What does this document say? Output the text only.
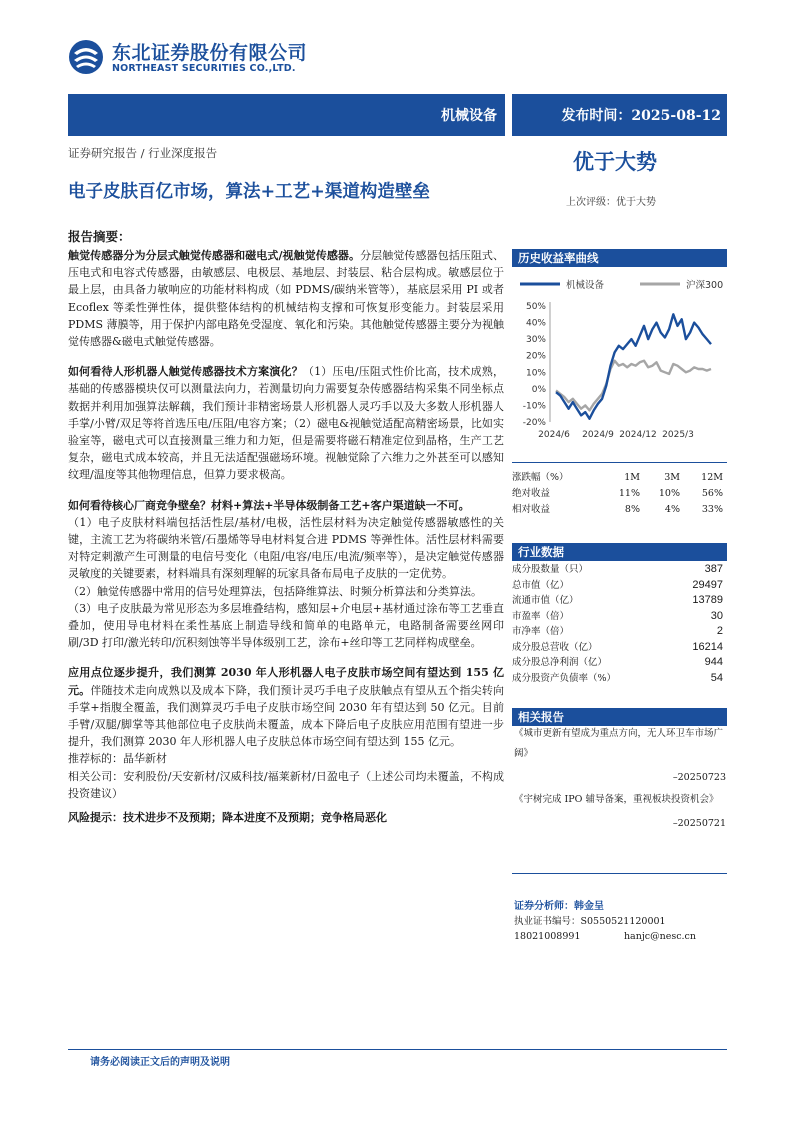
东北证券股份有限公司
NORTHEAST SECURITIES CO.,LTD.
机械设备	发布时间：2025-08-12
证券研究报告 / 行业深度报告
电子皮肤百亿市场，算法+工艺+渠道构造壁垒
优于大势
上次评级：优于大势
报告摘要：

触觉传感器分为分层式触觉传感器和磁电式/视触觉传感器。分层触觉传感器包括压阻式、压电式和电容式传感器，由敏感层、电极层、基地层、封装层、粘合层构成。敏感层位于最上层，由具备力敏响应的功能材料构成（如 PDMS/碳纳米管等），基底层采用 PI 或者 Ecoflex 等柔性弹性体，提供整体结构的机械结构支撑和可恢复形变能力。封装层采用 PDMS 薄膜等，用于保护内部电路免受湿度、氧化和污染。其他触觉传感器主要分为视触觉传感器&磁电式触觉传感器。

如何看待人形机器人触觉传感器技术方案演化？（1）压电/压阻式性价比高，技术成熟，基础的传感器模块仅可以测量法向力，若测量切向力需要复杂传感器结构采集不同坐标点数据并利用加强算法解藕，我们预计非精密场景人形机器人灵巧手以及大多数人形机器人手掌/小臂/双足等将首选压电/压阻/电容方案；（2）磁电&视触觉适配高精密场景，比如实验室等，磁电式可以直接测量三维力和力矩，但是需要将磁石精准定位到晶格，生产工艺复杂，磁电式成本较高，并且无法适配强磁场环境。视触觉除了六维力之外甚至可以感知纹理/温度等其他物理信息，但算力要求极高。

如何看待核心厂商竞争壁垒？材料+算法+半导体级制备工艺+客户渠道缺一不可。

（1）电子皮肤材料端包括活性层/基材/电极，活性层材料为决定触觉传感器敏感性的关键，主流工艺为将碳纳米管/石墨烯等导电材料复合进 PDMS 等弹性体。活性层材料需要对特定刺激产生可测量的电信号变化（电阻/电容/电压/电流/频率等），是决定触觉传感器灵敏度的关键要素，材料端具有深刻理解的玩家具备布局电子皮肤的一定优势。

（2）触觉传感器中常用的信号处理算法，包括降维算法、时频分析算法和分类算法。

（3）电子皮肤最为常见形态为多层堆叠结构，感知层+介电层+基材通过涂布等工艺垂直叠加，使用导电材料在柔性基底上制造导线和简单的电路单元，电路制备需要丝网印刷/3D 打印/激光转印/沉积刻蚀等半导体级别工艺，涂布+丝印等工艺同样构成壁垒。

应用点位逐步提升，我们测算 2030 年人形机器人电子皮肤市场空间有望达到 155 亿元。伴随技术走向成熟以及成本下降，我们预计灵巧手电子皮肤触点有望从五个指尖转向手掌+指腹全覆盖，我们测算灵巧手电子皮肤市场空间 2030 年有望达到 50 亿元。目前手臂/双腿/脚掌等其他部位电子皮肤尚未覆盖，成本下降后电子皮肤应用范围有望进一步提升，我们测算 2030 年人形机器人电子皮肤总体市场空间有望达到 155 亿元。

推荐标的：晶华新材

相关公司：安利股份/天安新材/汉威科技/福莱新材/日盈电子（上述公司均未覆盖，不构成投资建议）

风险提示：技术进步不及预期；降本进度不及预期；竞争格局恶化

历史收益率曲线
机械设备	沪深300
50%
40%
30%
20%
10%
0%
-10%
-20%
2024/6 2024/9 2024/12 2025/3
涨跌幅（%）	1M	3M	12M
绝对收益	11%	10%	56%
相对收益	8%	4%	33%
行业数据
成分股数量（只）	387
总市值（亿）	29497
流通市值（亿）	13789
市盈率（倍）	30
市净率（倍）	2
成分股总营收（亿）	16214
成分股总净利润（亿）	944
成分股资产负债率（%）	54
相关报告
《城市更新有望成为重点方向，无人环卫车市场广阔》
–20250723
《宇树完成 IPO 辅导备案，重视板块投资机会》
–20250721
证券分析师：韩金呈
执业证书编号：S0550521120001
18021008991	hanjc@nesc.cn
请务必阅读正文后的声明及说明
